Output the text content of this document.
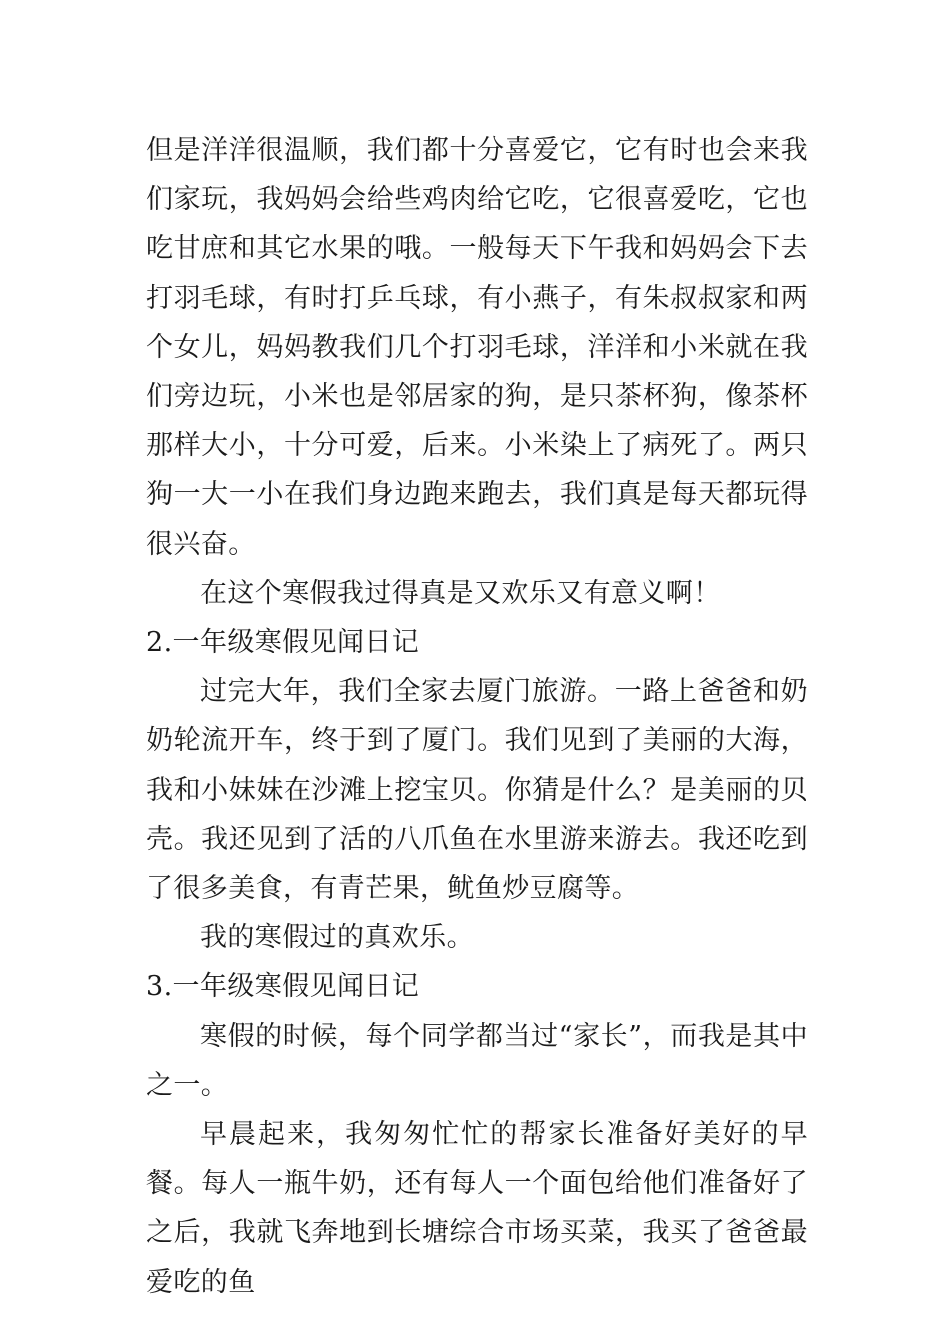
但是洋洋很温顺，我们都十分喜爱它，它有时也会来我们家玩，我妈妈会给些鸡肉给它吃，它很喜爱吃，它也吃甘庶和其它水果的哦。一般每天下午我和妈妈会下去打羽毛球，有时打乒乓球，有小燕子，有朱叔叔家和两个女儿，妈妈教我们几个打羽毛球，洋洋和小米就在我们旁边玩，小米也是邻居家的狗，是只茶杯狗，像茶杯那样大小，十分可爱，后来。小米染上了病死了。两只狗一大一小在我们身边跑来跑去，我们真是每天都玩得很兴奋。

在这个寒假我过得真是又欢乐又有意义啊！

2.一年级寒假见闻日记

过完大年，我们全家去厦门旅游。一路上爸爸和奶奶轮流开车，终于到了厦门。我们见到了美丽的大海，我和小妹妹在沙滩上挖宝贝。你猜是什么？是美丽的贝壳。我还见到了活的八爪鱼在水里游来游去。我还吃到了很多美食，有青芒果，鱿鱼炒豆腐等。

我的寒假过的真欢乐。

3.一年级寒假见闻日记

寒假的时候，每个同学都当过“家长”，而我是其中之一。

早晨起来，我匆匆忙忙的帮家长准备好美好的早餐。每人一瓶牛奶，还有每人一个面包给他们准备好了之后，我就飞奔地到长塘综合市场买菜，我买了爸爸最爱吃的鱼
